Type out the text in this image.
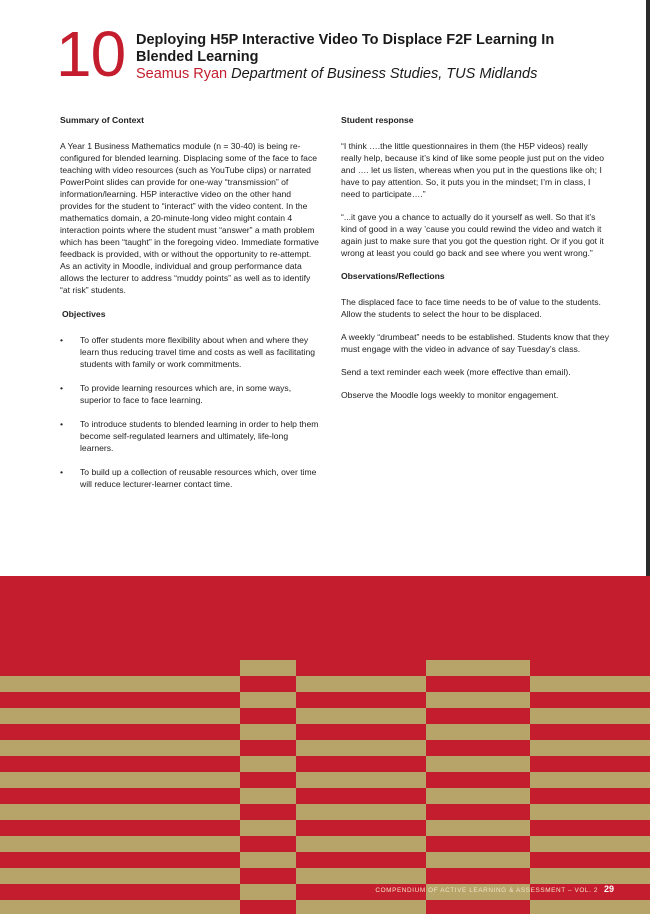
10 Deploying H5P Interactive Video To Displace F2F Learning In Blended Learning
Seamus Ryan Department of Business Studies, TUS Midlands

Summary of Context

A Year 1 Business Mathematics module (n = 30-40) is being re-configured for blended learning. Displacing some of the face to face teaching with video resources (such as YouTube clips) or narrated PowerPoint slides can provide for one-way “transmission” of information/learning. H5P interactive video on the other hand provides for the student to “interact” with the video content. In the mathematics domain, a 20-minute-long video might contain 4 interaction points where the student must “answer” a math problem which has been “taught” in the foregoing video. Immediate formative feedback is provided, with or without the opportunity to re-attempt. As an activity in Moodle, individual and group performance data allows the lecturer to address “muddy points” as well as to identify “at risk” students.

Objectives

• To offer students more flexibility about when and where they learn thus reducing travel time and costs as well as facilitating students with family or work commitments.
• To provide learning resources which are, in some ways, superior to face to face learning.
• To introduce students to blended learning in order to help them become self-regulated learners and ultimately, life-long learners.
• To build up a collection of reusable resources which, over time will reduce lecturer-learner contact time.

Student response

“I think ….the little questionnaires in them (the H5P videos) really really help, because it’s kind of like some people just put on the video and …. let us listen, whereas when you put in the questions like oh; I have to pay attention. So, it puts you in the mindset; I’m in class, I need to participate….”

“...it gave you a chance to actually do it yourself as well. So that it’s kind of good in a way ’cause you could rewind the video and watch it again just to make sure that you got the question right. Or if you got it wrong at least you could go back and see where you went wrong.”

Observations/Reflections

The displaced face to face time needs to be of value to the students. Allow the students to select the hour to be displaced.

A weekly “drumbeat” needs to be established. Students know that they must engage with the video in advance of say Tuesday’s class.

Send a text reminder each week (more effective than email).

Observe the Moodle logs weekly to monitor engagement.

COMPENDIUM OF ACTIVE LEARNING & ASSESSMENT – VOL. 2 29
